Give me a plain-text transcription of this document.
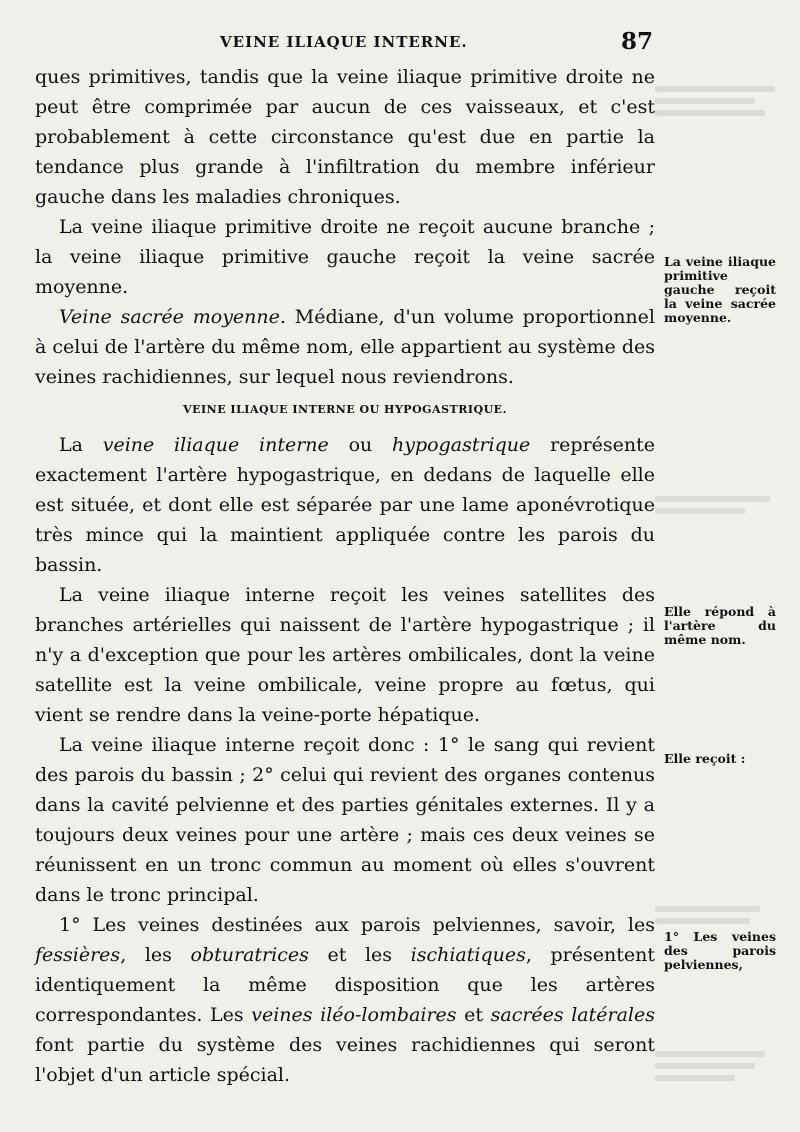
VEINE ILIAQUE INTERNE.	87

ques primitives, tandis que la veine iliaque primitive droite ne peut être comprimée par aucun de ces vaisseaux, et c'est probablement à cette circonstance qu'est due en partie la tendance plus grande à l'infiltration du membre inférieur gauche dans les maladies chroniques.

La veine iliaque primitive droite ne reçoit aucune branche ; la veine iliaque primitive gauche reçoit la veine sacrée moyenne.

Veine sacrée moyenne. Médiane, d'un volume proportionnel à celui de l'artère du même nom, elle appartient au système des veines rachidiennes, sur lequel nous reviendrons.

VEINE ILIAQUE INTERNE OU HYPOGASTRIQUE.

La veine iliaque interne ou hypogastrique représente exactement l'artère hypogastrique, en dedans de laquelle elle est située, et dont elle est séparée par une lame aponévrotique très mince qui la maintient appliquée contre les parois du bassin.

La veine iliaque interne reçoit les veines satellites des branches artérielles qui naissent de l'artère hypogastrique ; il n'y a d'exception que pour les artères ombilicales, dont la veine satellite est la veine ombilicale, veine propre au fœtus, qui vient se rendre dans la veine-porte hépatique.

La veine iliaque interne reçoit donc : 1° le sang qui revient des parois du bassin ; 2° celui qui revient des organes contenus dans la cavité pelvienne et des parties génitales externes. Il y a toujours deux veines pour une artère ; mais ces deux veines se réunissent en un tronc commun au moment où elles s'ouvrent dans le tronc principal.

1° Les veines destinées aux parois pelviennes, savoir, les fessières, les obturatrices et les ischiatiques, présentent identiquement la même disposition que les artères correspondantes. Les veines iléo-lombaires et sacrées latérales font partie du système des veines rachidiennes qui seront l'objet d'un article spécial.

La veine iliaque primitive gauche reçoit la veine sacrée moyenne.
Elle répond à l'artère du même nom.
Elle reçoit :
1° Les veines des parois pelviennes,
